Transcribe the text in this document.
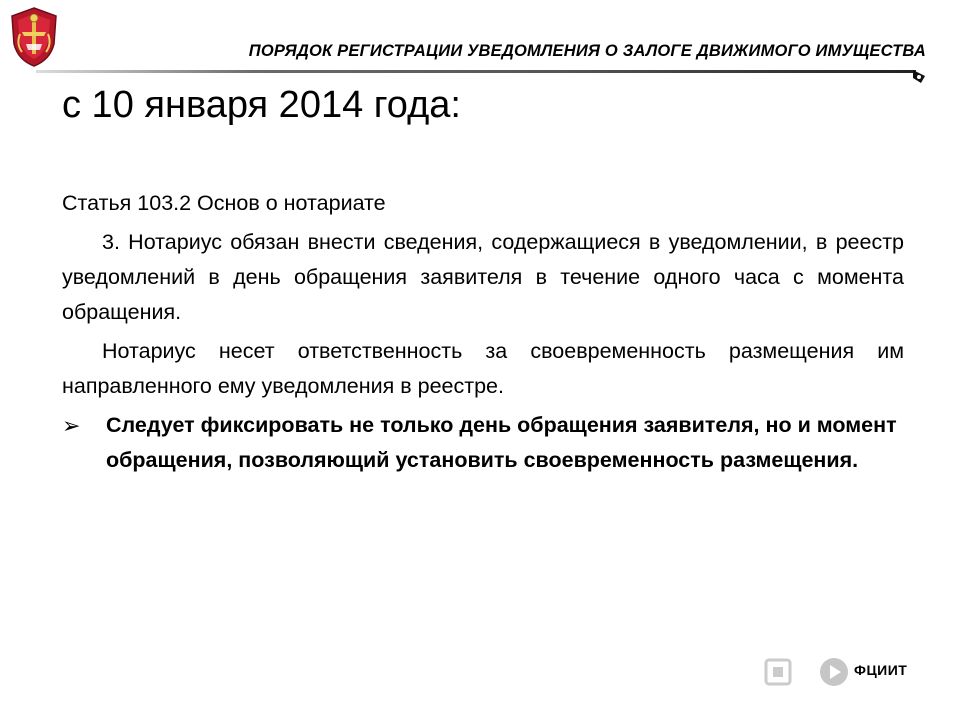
ПОРЯДОК РЕГИСТРАЦИИ УВЕДОМЛЕНИЯ О ЗАЛОГЕ ДВИЖИМОГО ИМУЩЕСТВА
с 10 января 2014 года:

Статья 103.2 Основ о нотариате

3. Нотариус обязан внести сведения, содержащиеся в уведомлении, в реестр уведомлений в день обращения заявителя в течение одного часа с момента обращения.

Нотариус несет ответственность за своевременность размещения им направленного ему уведомления в реестре.

➢ Следует фиксировать не только день обращения заявителя, но и момент обращения, позволяющий установить своевременность размещения.
ФЦИИТ
